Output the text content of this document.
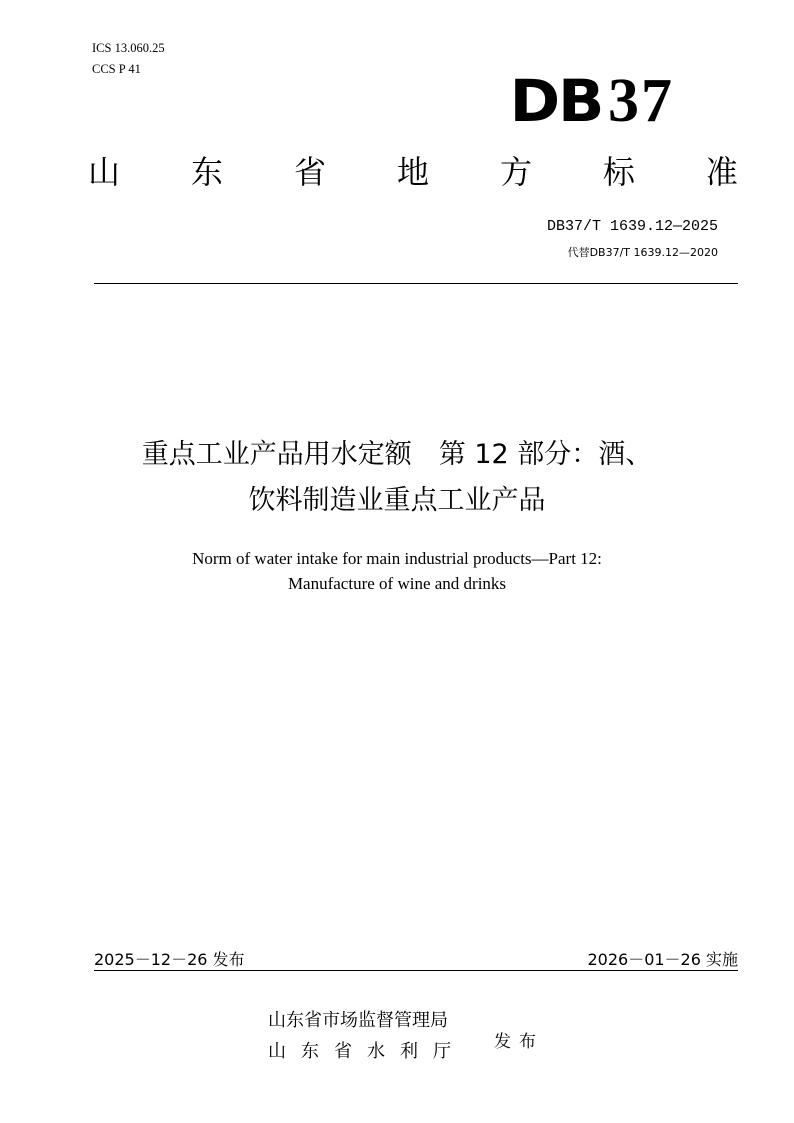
ICS 13.060.25
CCS P 41	DB 37
山 东 省 地 方 标 准
DB37/T 1639.12—2025
代替DB37/T 1639.12—2020
重点工业产品用水定额　第 12 部分：酒、
饮料制造业重点工业产品
Norm of water intake for main industrial products—Part 12:
Manufacture of wine and drinks
2025－12－26 发布	2026－01－26 实施
山东省市场监督管理局
山东省水利厅 发布
